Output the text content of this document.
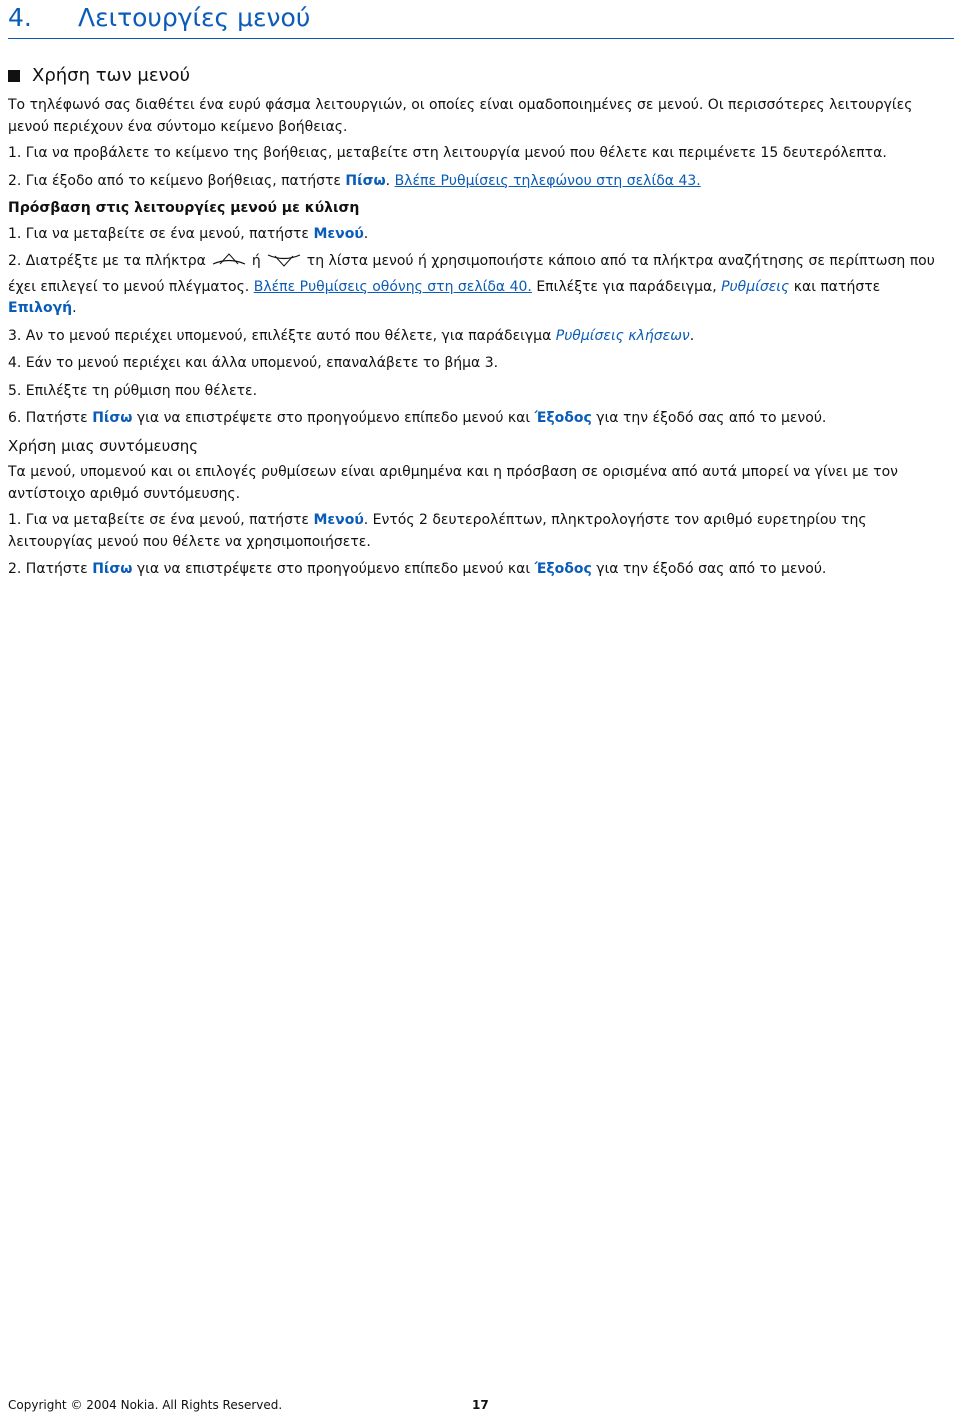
4. Λειτουργίες μενού
Χρήση των μενού

Το τηλέφωνό σας διαθέτει ένα ευρύ φάσμα λειτουργιών, οι οποίες είναι ομαδοποιημένες σε μενού. Οι περισσότερες λειτουργίες μενού περιέχουν ένα σύντομο κείμενο βοήθειας.

1. Για να προβάλετε το κείμενο της βοήθειας, μεταβείτε στη λειτουργία μενού που θέλετε και περιμένετε 15 δευτερόλεπτα.

2. Για έξοδο από το κείμενο βοήθειας, πατήστε Πίσω. Βλέπε Ρυθμίσεις τηλεφώνου στη σελίδα 43.

Πρόσβαση στις λειτουργίες μενού με κύλιση

1. Για να μεταβείτε σε ένα μενού, πατήστε Μενού.

2. Διατρέξτε με τα πλήκτρα	ή	τη λίστα μενού ή χρησιμοποιήστε κάποιο από τα πλήκτρα αναζήτησης σε περίπτωση που έχει επιλεγεί το μενού πλέγματος. Βλέπε Ρυθμίσεις οθόνης στη σελίδα 40. Επιλέξτε για παράδειγμα, Ρυθμίσεις και πατήστε Επιλογή.

3. Αν το μενού περιέχει υπομενού, επιλέξτε αυτό που θέλετε, για παράδειγμα Ρυθμίσεις κλήσεων.

4. Εάν το μενού περιέχει και άλλα υπομενού, επαναλάβετε το βήμα 3.

5. Επιλέξτε τη ρύθμιση που θέλετε.

6. Πατήστε Πίσω για να επιστρέψετε στο προηγούμενο επίπεδο μενού και Έξοδος για την έξοδό σας από το μενού.

Χρήση μιας συντόμευσης

Τα μενού, υπομενού και οι επιλογές ρυθμίσεων είναι αριθμημένα και η πρόσβαση σε ορισμένα από αυτά μπορεί να γίνει με τον αντίστοιχο αριθμό συντόμευσης.

1. Για να μεταβείτε σε ένα μενού, πατήστε Μενού. Εντός 2 δευτερολέπτων, πληκτρολογήστε τον αριθμό ευρετηρίου της λειτουργίας μενού που θέλετε να χρησιμοποιήσετε.

2. Πατήστε Πίσω για να επιστρέψετε στο προηγούμενο επίπεδο μενού και Έξοδος για την έξοδό σας από το μενού.

Copyright © 2004 Nokia. All Rights Reserved.	17
